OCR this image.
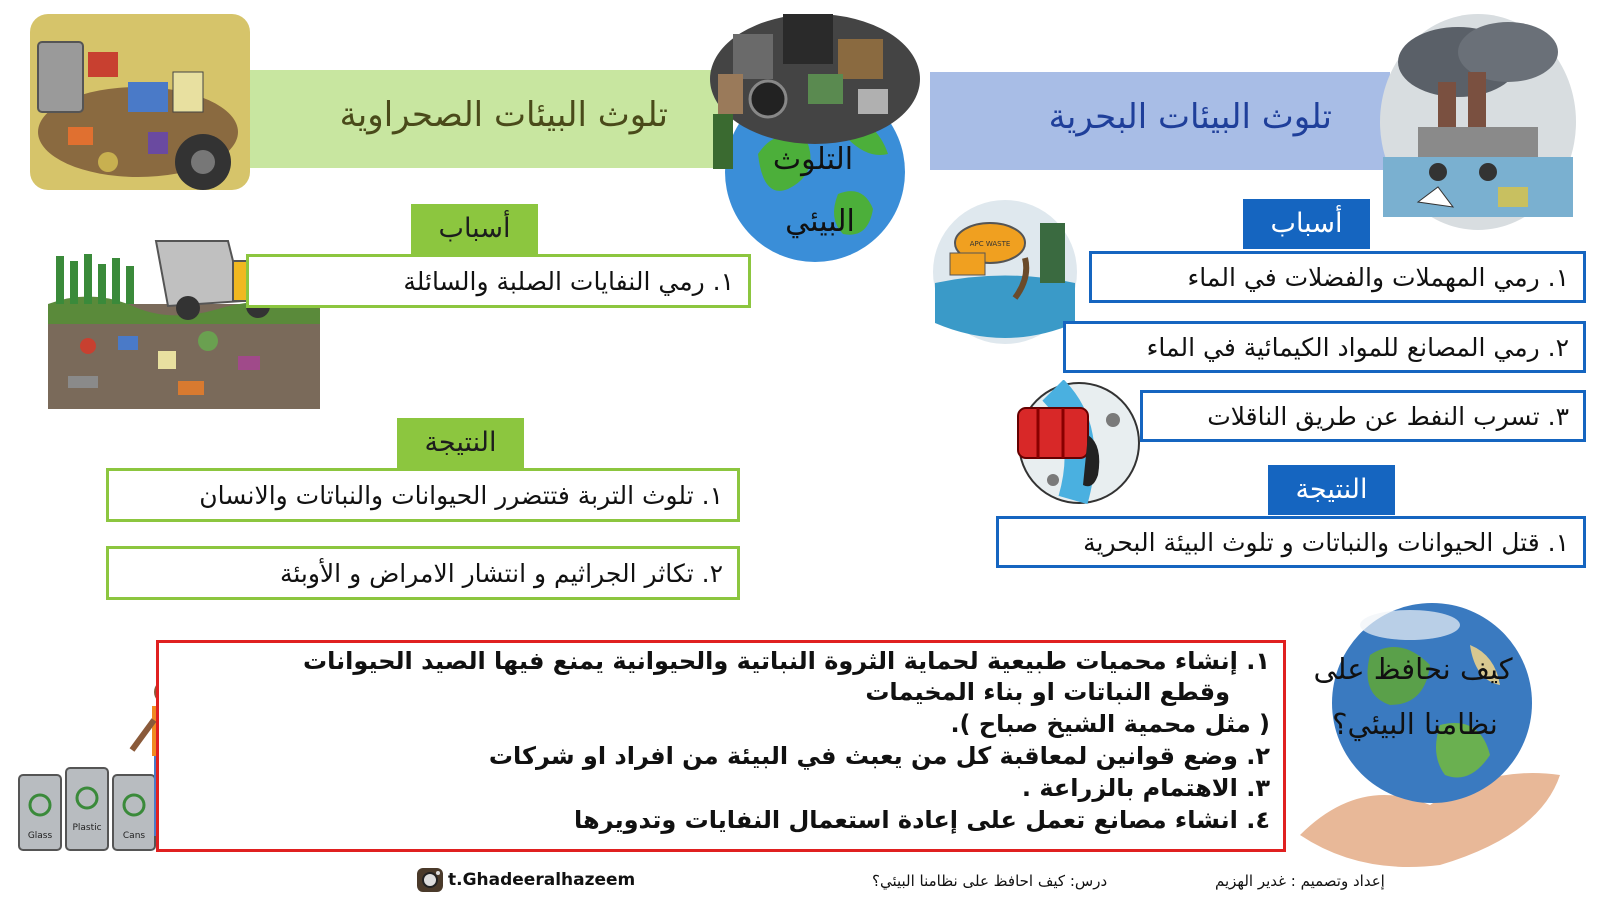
تلوث البيئات الصحراوية	تلوث البيئات البحرية
التلوث
البيئي
أسباب
١. رمي النفايات الصلبة والسائلة
النتيجة
١. تلوث التربة فتتضرر الحيوانات والنباتات والانسان
٢. تكاثر الجراثيم و انتشار الامراض و الأوبئة
APC WASTE
أسباب
١. رمي المهملات والفضلات في الماء
٢. رمي المصانع للمواد الكيمائية في الماء
٣. تسرب النفط عن طريق الناقلات
النتيجة
١. قتل الحيوانات والنباتات و تلوث البيئة البحرية
Glass
Plastic
Cans
١. إنشاء محميات طبيعية لحماية الثروة النباتية والحيوانية يمنع فيها الصيد الحيوانات
وقطع النباتات او بناء المخيمات
( مثل محمية الشيخ صباح ).
٢. وضع قوانين لمعاقبة كل من يعبث في البيئة من افراد او شركات
٣. الاهتمام بالزراعة .
٤. انشاء مصانع تعمل على إعادة استعمال النفايات وتدويرها
كيف نحافظ على
نظامنا البيئي؟
t.Ghadeeralhazeem	درس: كيف احافظ على نظامنا البيئي؟	إعداد وتصميم : غدير الهزيم
